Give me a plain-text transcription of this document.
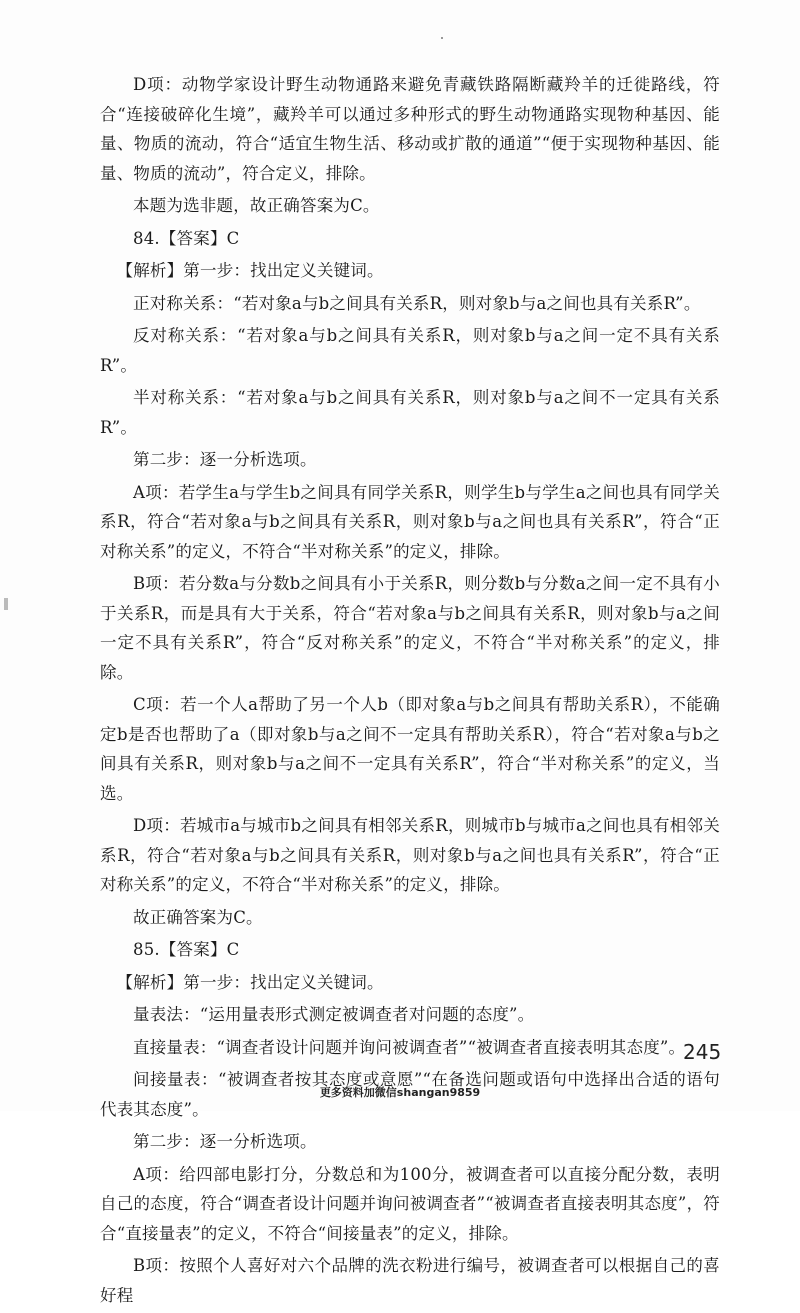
D项：动物学家设计野生动物通路来避免青藏铁路隔断藏羚羊的迁徙路线，符合“连接破碎化生境”，藏羚羊可以通过多种形式的野生动物通路实现物种基因、能量、物质的流动，符合“适宜生物生活、移动或扩散的通道”“便于实现物种基因、能量、物质的流动”，符合定义，排除。

本题为选非题，故正确答案为C。

84.【答案】C

【解析】第一步：找出定义关键词。

正对称关系：“若对象a与b之间具有关系R，则对象b与a之间也具有关系R”。

反对称关系：“若对象a与b之间具有关系R，则对象b与a之间一定不具有关系R”。

半对称关系：“若对象a与b之间具有关系R，则对象b与a之间不一定具有关系R”。

第二步：逐一分析选项。

A项：若学生a与学生b之间具有同学关系R，则学生b与学生a之间也具有同学关系R，符合“若对象a与b之间具有关系R，则对象b与a之间也具有关系R”，符合“正对称关系”的定义，不符合“半对称关系”的定义，排除。

B项：若分数a与分数b之间具有小于关系R，则分数b与分数a之间一定不具有小于关系R，而是具有大于关系，符合“若对象a与b之间具有关系R，则对象b与a之间一定不具有关系R”，符合“反对称关系”的定义，不符合“半对称关系”的定义，排除。

C项：若一个人a帮助了另一个人b（即对象a与b之间具有帮助关系R），不能确定b是否也帮助了a（即对象b与a之间不一定具有帮助关系R），符合“若对象a与b之间具有关系R，则对象b与a之间不一定具有关系R”，符合“半对称关系”的定义，当选。

D项：若城市a与城市b之间具有相邻关系R，则城市b与城市a之间也具有相邻关系R，符合“若对象a与b之间具有关系R，则对象b与a之间也具有关系R”，符合“正对称关系”的定义，不符合“半对称关系”的定义，排除。

故正确答案为C。

85.【答案】C

【解析】第一步：找出定义关键词。

量表法：“运用量表形式测定被调查者对问题的态度”。

直接量表：“调查者设计问题并询问被调查者”“被调查者直接表明其态度”。

间接量表：“被调查者按其态度或意愿”“在备选问题或语句中选择出合适的语句代表其态度”。

第二步：逐一分析选项。

A项：给四部电影打分，分数总和为100分，被调查者可以直接分配分数，表明自己的态度，符合“调查者设计问题并询问被调查者”“被调查者直接表明其态度”，符合“直接量表”的定义，不符合“间接量表”的定义，排除。

B项：按照个人喜好对六个品牌的洗衣粉进行编号，被调查者可以根据自己的喜好程

245
更多资料加微信shangan9859
